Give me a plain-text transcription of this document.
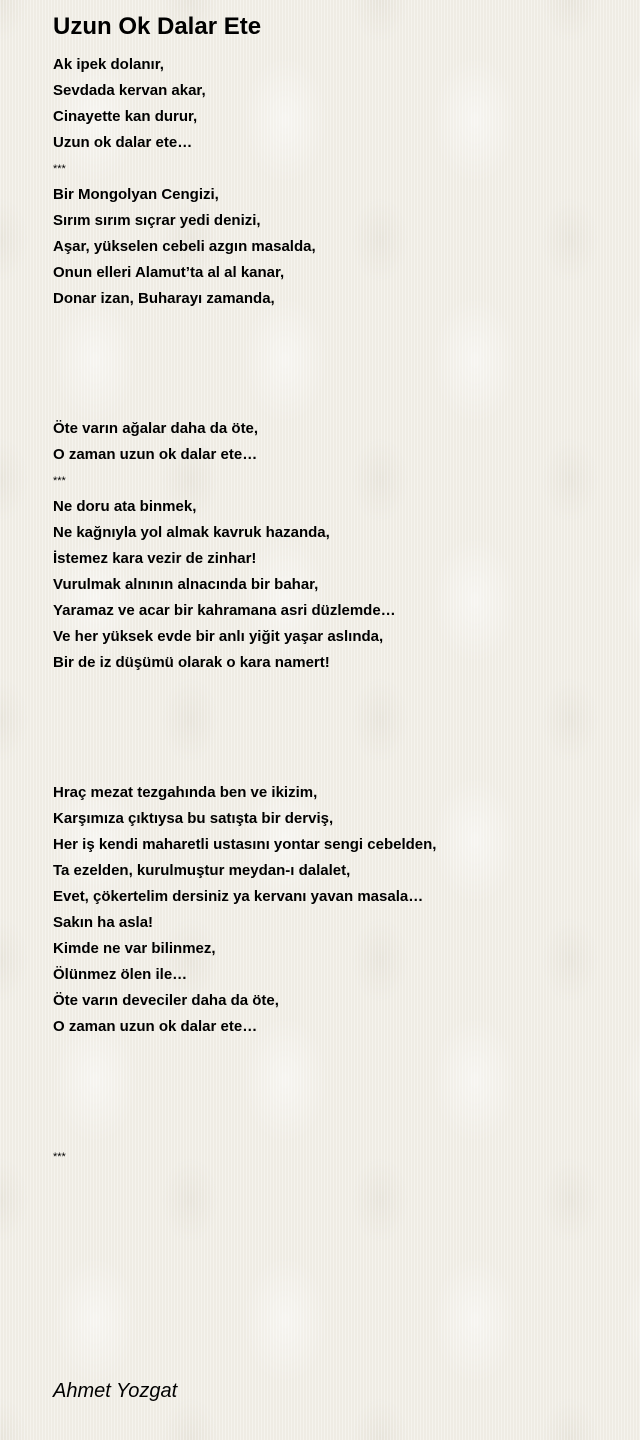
Uzun Ok Dalar Ete
Ak ipek dolanır,
Sevdada kervan akar,
Cinayette kan durur,
Uzun ok dalar ete…
***
Bir Mongolyan Cengizi,
Sırım sırım sıçrar yedi denizi,
Aşar, yükselen cebeli azgın masalda,
Onun elleri Alamut’ta al al kanar,
Donar izan, Buharayı zamanda,
Öte varın ağalar daha da öte,
O zaman uzun ok dalar ete…
***
Ne doru ata binmek,
Ne kağnıyla yol almak kavruk hazanda,
İstemez kara vezir de zinhar!
Vurulmak alnının alnacında bir bahar,
Yaramaz ve acar bir kahramana asri düzlemde…
Ve her yüksek evde bir anlı yiğit yaşar aslında,
Bir de iz düşümü olarak o kara namert!
Hraç mezat tezgahında ben ve ikizim,
Karşımıza çıktıysa bu satışta bir derviş,
Her iş kendi maharetli ustasını yontar sengi cebelden,
Ta ezelden, kurulmuştur meydan-ı dalalet,
Evet, çökertelim dersiniz ya kervanı yavan masala…
Sakın ha asla!
Kimde ne var bilinmez,
Ölünmez ölen ile…
Öte varın deveciler daha da öte,
O zaman uzun ok dalar ete…
***
Ahmet Yozgat
